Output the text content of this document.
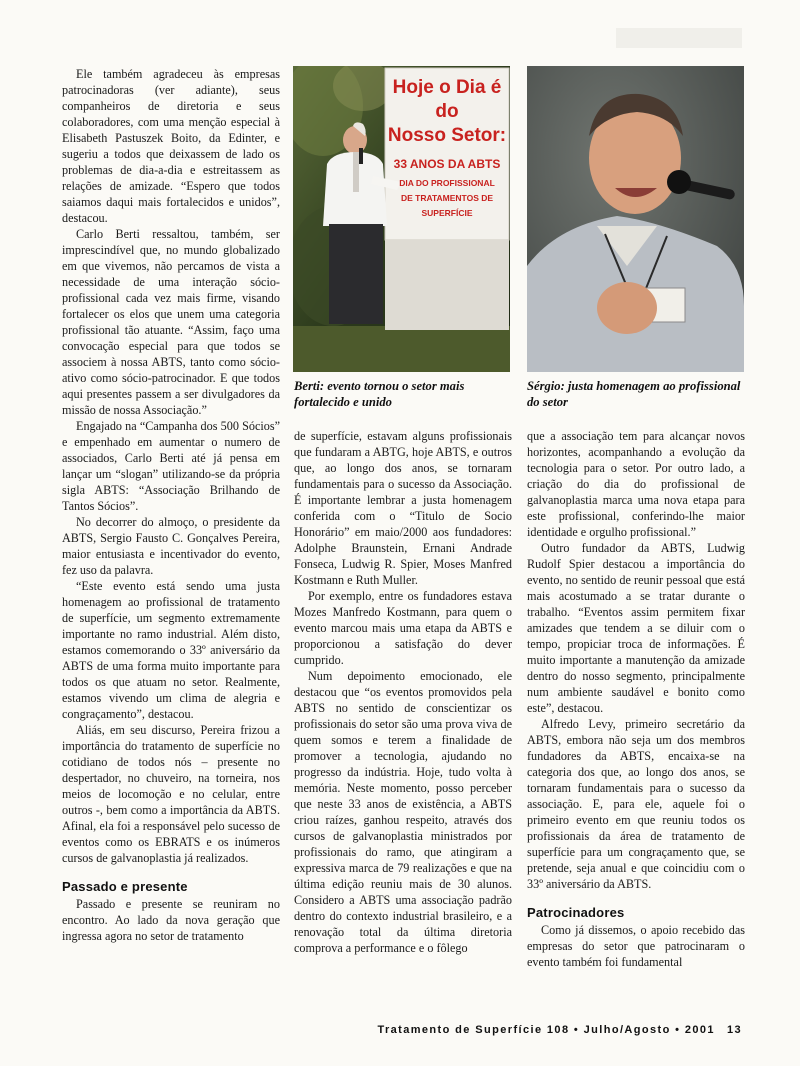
Ele também agradeceu às empresas patrocinadoras (ver adiante), seus companheiros de diretoria e seus colaboradores, com uma menção especial à Elisabeth Pastuszek Boito, da Edinter, e sugeriu a todos que deixassem de lado os problemas de dia-a-dia e estreitassem as relações de amizade. “Espero que todos saiamos daqui mais fortalecidos e unidos”, destacou.

Carlo Berti ressaltou, também, ser imprescindível que, no mundo globalizado em que vivemos, não percamos de vista a necessidade de uma interação sócio-profissional cada vez mais firme, visando fortalecer os elos que unem uma categoria profissional tão atuante. “Assim, faço uma convocação especial para que todos se associem à nossa ABTS, tanto como sócio-ativo como sócio-patrocinador. E que todos aqui presentes passem a ser divulgadores da missão de nossa Associação.”

Engajado na “Campanha dos 500 Sócios” e empenhado em aumentar o numero de associados, Carlo Berti até já pensa em lançar um “slogan” utilizando-se da própria sigla ABTS: “Associação Brilhando de Tantos Sócios”.

No decorrer do almoço, o presidente da ABTS, Sergio Fausto C. Gonçalves Pereira, maior entusiasta e incentivador do evento, fez uso da palavra.

“Este evento está sendo uma justa homenagem ao profissional de tratamento de superfície, um segmento extremamente importante no ramo industrial. Além disto, estamos comemorando o 33º aniversário da ABTS de uma forma muito importante para todos os que atuam no setor. Realmente, estamos vivendo um clima de alegria e congraçamento”, destacou.

Aliás, em seu discurso, Pereira frizou a importância do tratamento de superfície no cotidiano de todos nós – presente no despertador, no chuveiro, na torneira, nos meios de locomoção e no celular, entre outros -, bem como a importância da ABTS. Afinal, ela foi a responsável pelo sucesso de eventos como os EBRATS e os inúmeros cursos de galvanoplastia já realizados.

Passado e presente

Passado e presente se reuniram no encontro. Ao lado da nova geração que ingressa agora no setor de tratamento

Hoje o Dia é do
Nosso Setor:
33 ANOS DA ABTS
DIA DO PROFISSIONAL
DE TRATAMENTOS DE
SUPERFÍCIE
Berti: evento tornou o setor mais fortalecido e unido
Sérgio: justa homenagem ao profissional do setor

de superfície, estavam alguns profissionais que fundaram a ABTG, hoje ABTS, e outros que, ao longo dos anos, se tornaram fundamentais para o sucesso da Associação. É importante lembrar a justa homenagem conferida com o “Titulo de Socio Honorário” em maio/2000 aos fundadores: Adolphe Braunstein, Ernani Andrade Fonseca, Ludwig R. Spier, Moses Manfred Kostmann e Ruth Muller.

Por exemplo, entre os fundadores estava Mozes Manfredo Kostmann, para quem o evento marcou mais uma etapa da ABTS e proporcionou a satisfação do dever cumprido.

Num depoimento emocionado, ele destacou que “os eventos promovidos pela ABTS no sentido de conscientizar os profissionais do setor são uma prova viva de quem somos e terem a finalidade de promover a tecnologia, ajudando no progresso da indústria. Hoje, tudo volta à memória. Neste momento, posso perceber que neste 33 anos de existência, a ABTS criou raízes, ganhou respeito, através dos cursos de galvanoplastia ministrados por profissionais do ramo, que atingiram a expressiva marca de 79 realizações e que na última edição reuniu mais de 30 alunos. Considero a ABTS uma associação padrão dentro do contexto industrial brasileiro, e a renovação total da última diretoria comprova a performance e o fôlego

que a associação tem para alcançar novos horizontes, acompanhando a evolução da tecnologia para o setor. Por outro lado, a criação do dia do profissional de galvanoplastia marca uma nova etapa para este profissional, conferindo-lhe maior identidade e orgulho profissional.”

Outro fundador da ABTS, Ludwig Rudolf Spier destacou a importância do evento, no sentido de reunir pessoal que está mais acostumado a se tratar durante o trabalho. “Eventos assim permitem fixar amizades que tendem a se diluir com o tempo, propiciar troca de informações. É muito importante a manutenção da amizade dentro do nosso segmento, principalmente num ambiente saudável e bonito como este”, destacou.

Alfredo Levy, primeiro secretário da ABTS, embora não seja um dos membros fundadores da ABTS, encaixa-se na categoria dos que, ao longo dos anos, se tornaram fundamentais para o sucesso da associação. E, para ele, aquele foi o primeiro evento em que reuniu todos os profissionais da área de tratamento de superfície para um congraçamento que, se pretende, seja anual e que coincidiu com o 33º aniversário da ABTS.

Patrocinadores

Como já dissemos, o apoio recebido das empresas do setor que patrocinaram o evento também foi fundamental

Tratamento de Superfície 108 • Julho/Agosto • 2001 13
